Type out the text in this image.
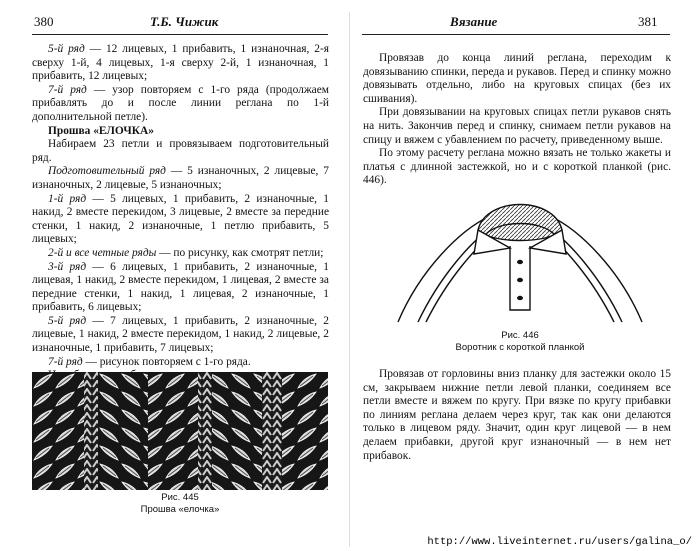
380	Т.Б. Чижик

5-й ряд — 12 лицевых, 1 прибавить, 1 изнаночная, 2-я сверху 1-й, 4 лицевых, 1-я сверху 2-й, 1 изнаночная, 1 прибавить, 12 лицевых;

7-й ряд — узор повторяем с 1-го ряда (продолжаем прибавлять до и после линии реглана по 1-й дополнительной петле).

Прошва «ЕЛОЧКА»

Набираем 23 петли и провязываем подготовительный ряд.

Подготовительный ряд — 5 изнаночных, 2 лицевые, 7 изнаночных, 2 лицевые, 5 изнаночных;

1-й ряд — 5 лицевых, 1 прибавить, 2 изнаночные, 1 накид, 2 вместе перекидом, 3 лицевые, 2 вместе за передние стенки, 1 накид, 2 изнаночные, 1 петлю прибавить, 5 лицевых;

2-й и все четные ряды — по рисунку, как смотрят петли;

3-й ряд — 6 лицевых, 1 прибавить, 2 изнаночные, 1 лицевая, 1 накид, 2 вместе перекидом, 1 лицевая, 2 вместе за передние стенки, 1 накид, 1 лицевая, 2 изнаночные, 1 прибавить, 6 лицевых;

5-й ряд — 7 лицевых, 1 прибавить, 2 изнаночные, 2 лицевые, 1 накид, 2 вместе перекидом, 1 накид, 2 лицевые, 2 изнаночные, 1 прибавить, 7 лицевых;

7-й ряд — рисунок повторяем с 1-го ряда.

Рис. 445
Прошва «елочка»
Вязание	381

Провязав до конца линий реглана, переходим к довязыванию спинки, переда и рукавов. Перед и спинку можно довязывать отдельно, либо на круговых спицах (без их сшивания).

При довязывании на круговых спицах петли рукавов снять на нить. Закончив перед и спинку, снимаем петли рукавов на спицу и вяжем с убавлением по расчету, приведенному выше.

По этому расчету реглана можно вязать не только жакеты и платья с длинной застежкой, но и с короткой планкой (рис. 446).

Рис. 446
Воротник с короткой планкой

Провязав от горловины вниз планку для застежки около 15 см, закрываем нижние петли левой планки, соединяем все петли вместе и вяжем по кругу. При вязке по кругу прибавки по линиям реглана делаем через круг, так как они делаются только в лицевом ряду. Значит, один круг лицевой — в нем делаем прибавки, другой круг изнаночный — в нем нет прибавок.

http://www.liveinternet.ru/users/galina_o/
